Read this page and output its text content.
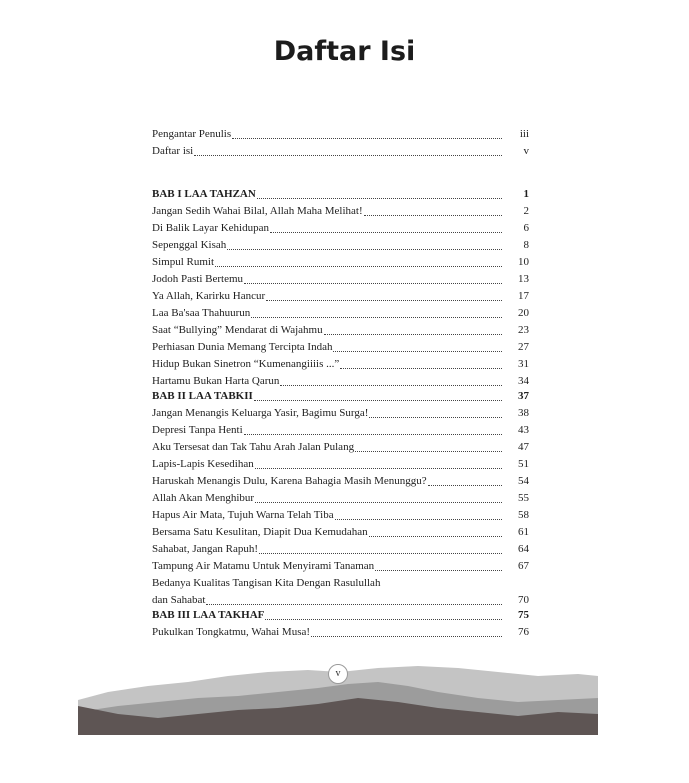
Daftar Isi
Pengantar Penulis	iii
Daftar isi	v
BAB I LAA TAHZAN	1
Jangan Sedih Wahai Bilal, Allah Maha Melihat!	2
Di Balik Layar Kehidupan	6
Sepenggal Kisah	8
Simpul Rumit	10
Jodoh Pasti Bertemu	13
Ya Allah, Karirku Hancur	17
Laa Ba'saa Thahuurun	20
Saat “Bullying” Mendarat di Wajahmu	23
Perhiasan Dunia Memang Tercipta Indah	27
Hidup Bukan Sinetron “Kumenangiiiis ...”	31
Hartamu Bukan Harta Qarun	34
BAB II LAA TABKII	37
Jangan Menangis Keluarga Yasir, Bagimu Surga!	38
Depresi Tanpa Henti	43
Aku Tersesat dan Tak Tahu Arah Jalan Pulang	47
Lapis-Lapis Kesedihan	51
Haruskah Menangis Dulu, Karena Bahagia Masih Menunggu?	54
Allah Akan Menghibur	55
Hapus Air Mata, Tujuh Warna Telah Tiba	58
Bersama Satu Kesulitan, Diapit Dua Kemudahan	61
Sahabat, Jangan Rapuh!	64
Tampung Air Matamu Untuk Menyirami Tanaman	67
Bedanya Kualitas Tangisan Kita Dengan Rasulullah
dan Sahabat	70
BAB III LAA TAKHAF	75
Pukulkan Tongkatmu, Wahai Musa!	76
v
